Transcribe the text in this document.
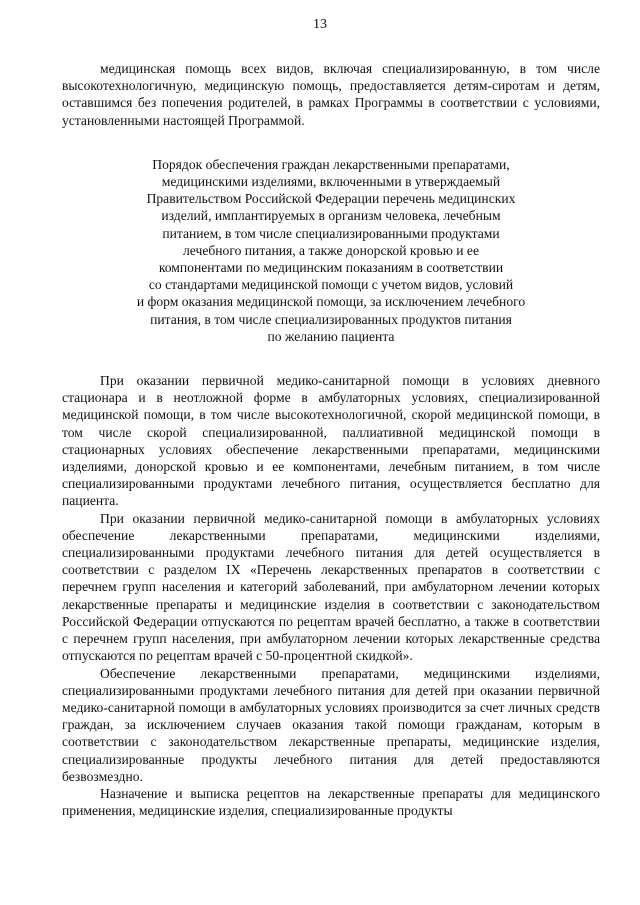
13

медицинская помощь всех видов, включая специализированную, в том числе высокотехнологичную, медицинскую помощь, предоставляется детям-сиротам и детям, оставшимся без попечения родителей, в рамках Программы в соответствии с условиями, установленными настоящей Программой.

Порядок обеспечения граждан лекарственными препаратами,
медицинскими изделиями, включенными в утверждаемый
Правительством Российской Федерации перечень медицинских
изделий, имплантируемых в организм человека, лечебным
питанием, в том числе специализированными продуктами
лечебного питания, а также донорской кровью и ее
компонентами по медицинским показаниям в соответствии
со стандартами медицинской помощи с учетом видов, условий
и форм оказания медицинской помощи, за исключением лечебного
питания, в том числе специализированных продуктов питания
по желанию пациента

При оказании первичной медико-санитарной помощи в условиях дневного стационара и в неотложной форме в амбулаторных условиях, специализированной медицинской помощи, в том числе высокотехнологичной, скорой медицинской помощи, в том числе скорой специализированной, паллиативной медицинской помощи в стационарных условиях обеспечение лекарственными препаратами, медицинскими изделиями, донорской кровью и ее компонентами, лечебным питанием, в том числе специализированными продуктами лечебного питания, осуществляется бесплатно для пациента.

При оказании первичной медико-санитарной помощи в амбулаторных условиях обеспечение лекарственными препаратами, медицинскими изделиями, специализированными продуктами лечебного питания для детей осуществляется в соответствии с разделом IX «Перечень лекарственных препаратов в соответствии с перечнем групп населения и категорий заболеваний, при амбулаторном лечении которых лекарственные препараты и медицинские изделия в соответствии с законодательством Российской Федерации отпускаются по рецептам врачей бесплатно, а также в соответствии с перечнем групп населения, при амбулаторном лечении которых лекарственные средства отпускаются по рецептам врачей с 50-процентной скидкой».

Обеспечение лекарственными препаратами, медицинскими изделиями, специализированными продуктами лечебного питания для детей при оказании первичной медико-санитарной помощи в амбулаторных условиях производится за счет личных средств граждан, за исключением случаев оказания такой помощи гражданам, которым в соответствии с законодательством лекарственные препараты, медицинские изделия, специализированные продукты лечебного питания для детей предоставляются безвозмездно.

Назначение и выписка рецептов на лекарственные препараты для медицинского применения, медицинские изделия, специализированные продукты
